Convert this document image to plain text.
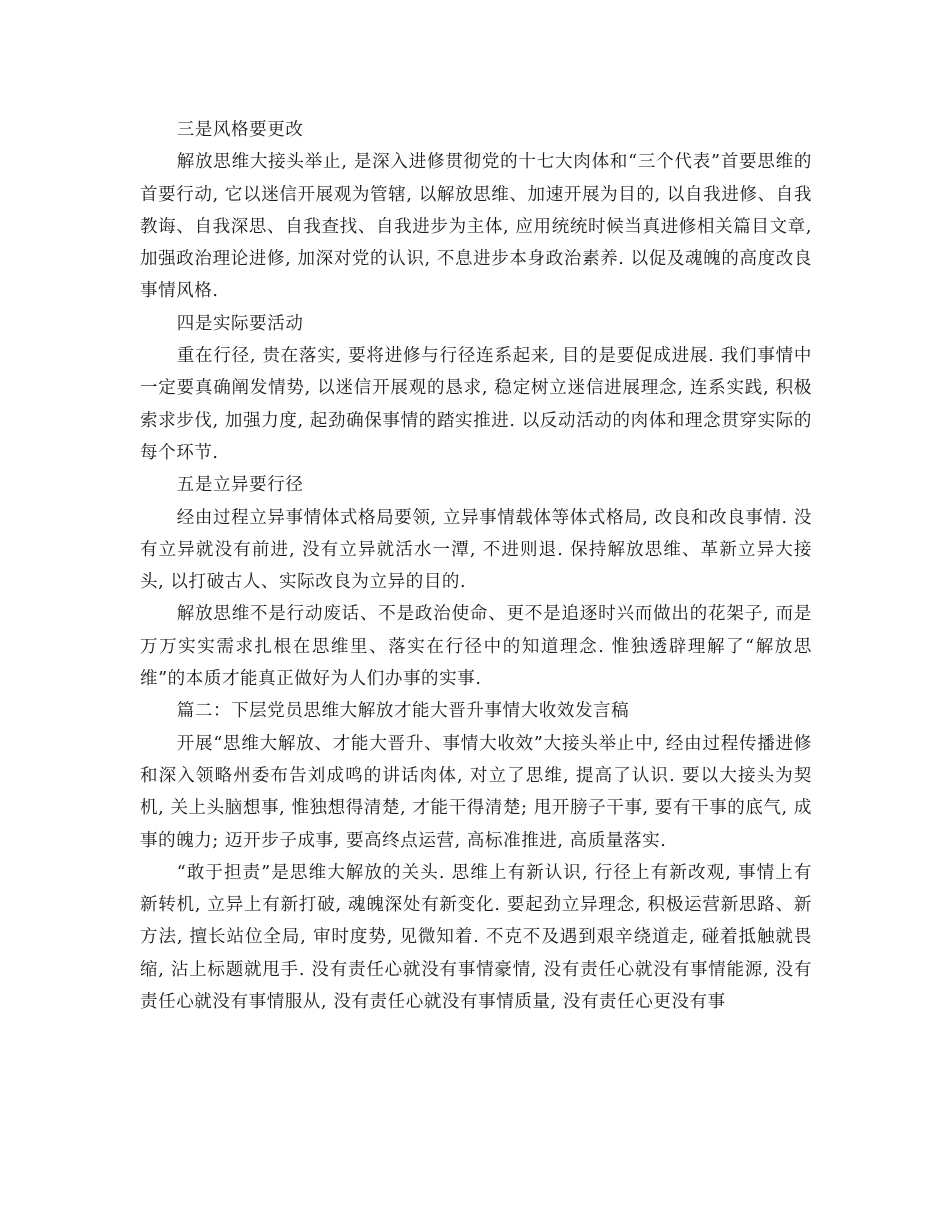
三是风格要更改

解放思维大接头举止, 是深入进修贯彻党的十七大肉体和“三个代表”首要思维的首要行动, 它以迷信开展观为管辖, 以解放思维、加速开展为目的, 以自我进修、自我教诲、自我深思、自我查找、自我进步为主体, 应用统统时候当真进修相关篇目文章, 加强政治理论进修, 加深对党的认识, 不息进步本身政治素养. 以促及魂魄的高度改良事情风格.

四是实际要活动

重在行径, 贵在落实, 要将进修与行径连系起来, 目的是要促成进展. 我们事情中一定要真确阐发情势, 以迷信开展观的恳求, 稳定树立迷信进展理念, 连系实践, 积极索求步伐, 加强力度, 起劲确保事情的踏实推进. 以反动活动的肉体和理念贯穿实际的每个环节.

五是立异要行径

经由过程立异事情体式格局要领, 立异事情载体等体式格局, 改良和改良事情. 没有立异就没有前进, 没有立异就活水一潭, 不进则退. 保持解放思维、革新立异大接头, 以打破古人、实际改良为立异的目的.

解放思维不是行动废话、不是政治使命、更不是追逐时兴而做出的花架子, 而是万万实实需求扎根在思维里、落实在行径中的知道理念. 惟独透辟理解了“解放思维”的本质才能真正做好为人们办事的实事.

篇二：下层党员思维大解放才能大晋升事情大收效发言稿

开展“思维大解放、才能大晋升、事情大收效”大接头举止中, 经由过程传播进修和深入领略州委布告刘成鸣的讲话肉体, 对立了思维, 提高了认识. 要以大接头为契机, 关上头脑想事, 惟独想得清楚, 才能干得清楚; 甩开膀子干事, 要有干事的底气, 成事的魄力; 迈开步子成事, 要高终点运营, 高标准推进, 高质量落实.

“敢于担责”是思维大解放的关头. 思维上有新认识, 行径上有新改观, 事情上有新转机, 立异上有新打破, 魂魄深处有新变化. 要起劲立异理念, 积极运营新思路、新方法, 擅长站位全局, 审时度势, 见微知着. 不克不及遇到艰辛绕道走, 碰着抵触就畏缩, 沾上标题就甩手. 没有责任心就没有事情豪情, 没有责任心就没有事情能源, 没有责任心就没有事情服从, 没有责任心就没有事情质量, 没有责任心更没有事
